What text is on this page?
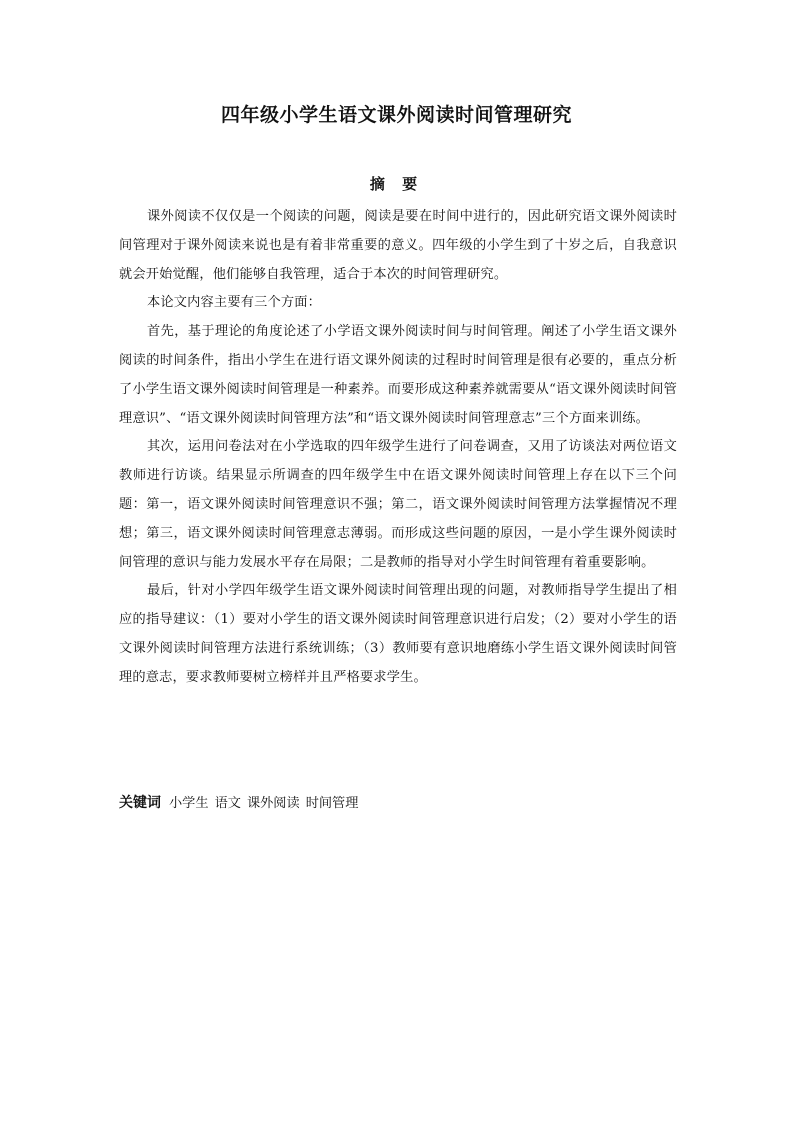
四年级小学生语文课外阅读时间管理研究
摘 要

课外阅读不仅仅是一个阅读的问题，阅读是要在时间中进行的，因此研究语文课外阅读时间管理对于课外阅读来说也是有着非常重要的意义。四年级的小学生到了十岁之后，自我意识就会开始觉醒，他们能够自我管理，适合于本次的时间管理研究。

本论文内容主要有三个方面：

首先，基于理论的角度论述了小学语文课外阅读时间与时间管理。阐述了小学生语文课外阅读的时间条件，指出小学生在进行语文课外阅读的过程时时间管理是很有必要的，重点分析了小学生语文课外阅读时间管理是一种素养。而要形成这种素养就需要从“语文课外阅读时间管理意识”、“语文课外阅读时间管理方法”和“语文课外阅读时间管理意志”三个方面来训练。

其次，运用问卷法对在小学选取的四年级学生进行了问卷调查，又用了访谈法对两位语文教师进行访谈。结果显示所调查的四年级学生中在语文课外阅读时间管理上存在以下三个问题：第一，语文课外阅读时间管理意识不强；第二，语文课外阅读时间管理方法掌握情况不理想；第三，语文课外阅读时间管理意志薄弱。而形成这些问题的原因，一是小学生课外阅读时间管理的意识与能力发展水平存在局限；二是教师的指导对小学生时间管理有着重要影响。

最后，针对小学四年级学生语文课外阅读时间管理出现的问题，对教师指导学生提出了相应的指导建议：（1）要对小学生的语文课外阅读时间管理意识进行启发；（2）要对小学生的语文课外阅读时间管理方法进行系统训练；（3）教师要有意识地磨练小学生语文课外阅读时间管理的意志，要求教师要树立榜样并且严格要求学生。

关键词 小学生 语文 课外阅读 时间管理
